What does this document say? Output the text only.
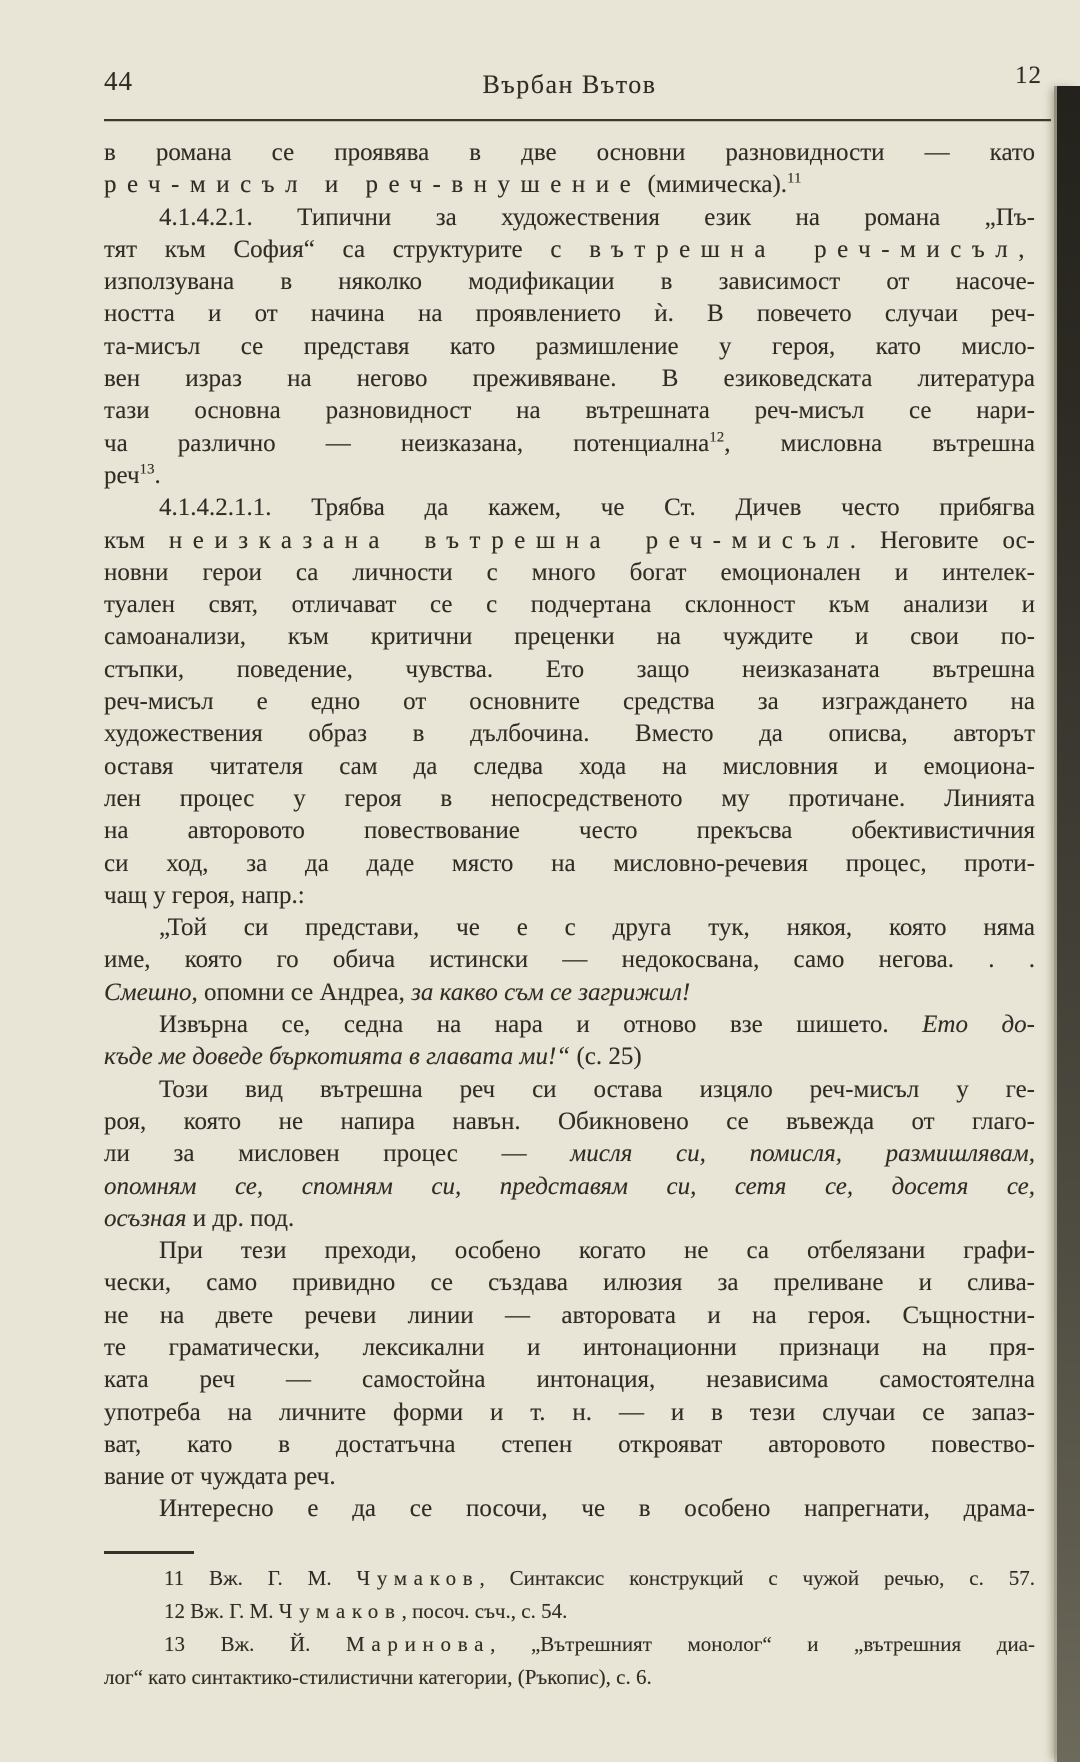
44	Върбан Вътов	12
в романа се проявява в две основни разновидности — като
реч-мисъл и реч-внушение (мимическа).$^{11}$
4.1.4.2.1. Типични за художествения език на романа „Пъ-
тят към София“ са структурите с вътрешна реч-мисъл,
използувана в няколко модификации в зависимост от насоче-
ността и от начина на проявлението ѝ. В повечето случаи реч-
та-мисъл се представя като размишление у героя, като мисло-
вен израз на негово преживяване. В езиковедската литература
тази основна разновидност на вътрешната реч-мисъл се нари-
ча различно — неизказана, потенциална$^{12}$, мисловна вътрешна
реч$^{13}$.
4.1.4.2.1.1. Трябва да кажем, че Ст. Дичев често прибягва
към неизказана вътрешна реч-мисъл. Неговите ос-
новни герои са личности с много богат емоционален и интелек-
туален свят, отличават се с подчертана склонност към анализи и
самоанализи, към критични преценки на чуждите и свои по-
стъпки, поведение, чувства. Ето защо неизказаната вътрешна
реч-мисъл е едно от основните средства за изграждането на
художествения образ в дълбочина. Вместо да описва, авторът
оставя читателя сам да следва хода на мисловния и емоциона-
лен процес у героя в непосредственото му протичане. Линията
на авторовото повествование често прекъсва обективистичния
си ход, за да даде място на мисловно-речевия процес, проти-
чащ у героя, напр.:
„Той си представи, че е с друга тук, някоя, която няма
име, която го обича истински — недокосвана, само негова. . .
Смешно, опомни се Андреа, за какво съм се загрижил!
Извърна се, седна на нара и отново взе шишето. Ето до-
къде ме доведе бъркотията в главата ми!“ (с. 25)
Този вид вътрешна реч си остава изцяло реч-мисъл у ге-
роя, която не напира навън. Обикновено се въвежда от глаго-
ли за мисловен процес — мисля си, помисля, размишлявам,
опомням се, спомням си, представям си, сетя се, досетя се,
осъзная и др. под.
При тези преходи, особено когато не са отбелязани графи-
чески, само привидно се създава илюзия за преливане и слива-
не на двете речеви линии — авторовата и на героя. Същностни-
те граматически, лексикални и интонационни признаци на пря-
ката реч — самостойна интонация, независима самостоятелна
употреба на личните форми и т. н. — и в тези случаи се запаз-
ват, като в достатъчна степен открояват авторовото повество-
вание от чуждата реч.
Интересно е да се посочи, че в особено напрегнати, драма-
11 Вж. Г. М. Чумаков, Синтаксис конструкций с чужой речью, с. 57.
12 Вж. Г. М. Чумаков, посоч. съч., с. 54.
13 Вж. Й. Маринова, „Вътрешният монолог“ и „вътрешния диа-
лог“ като синтактико-стилистични категории, (Ръкопис), с. 6.
